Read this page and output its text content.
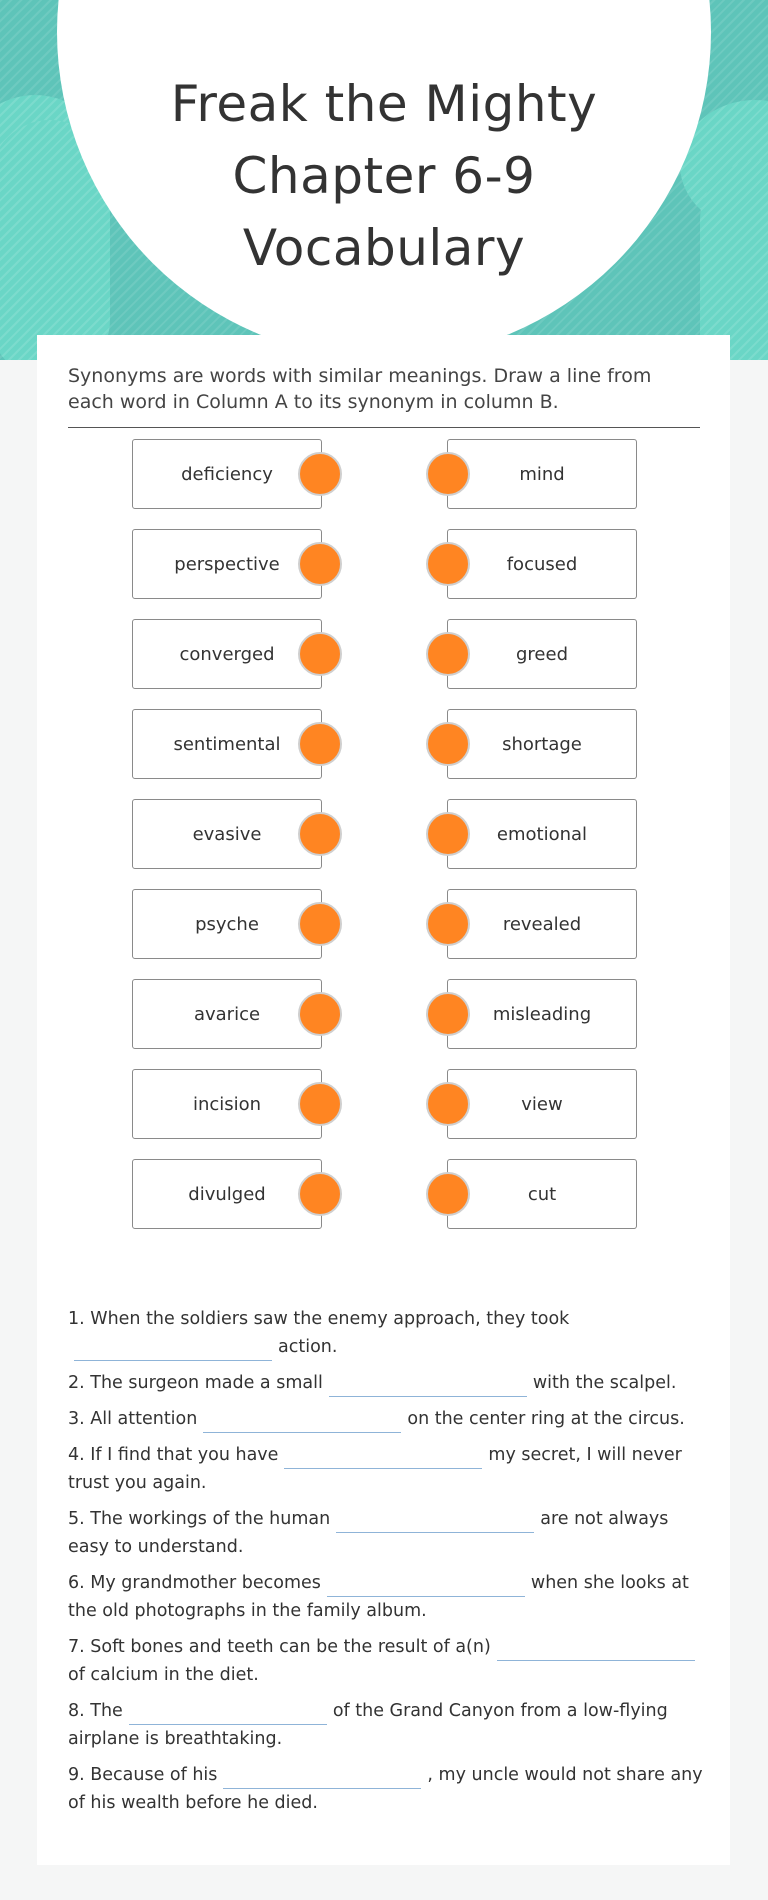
Freak the Mighty
Chapter 6-9
Vocabulary

Synonyms are words with similar meanings. Draw a line from each word in Column A to its synonym in column B.

deficiency
perspective
converged
sentimental
evasive
psyche
avarice
incision
divulged
mind
focused
greed
shortage
emotional
revealed
misleading
view
cut

1. When the soldiers saw the enemy approach, they tookaction.

2. The surgeon made a small	with the scalpel.

3. All attention	on the center ring at the circus.

4. If I find that you have	my secret, I will never trust you again.

5. The workings of the human	are not always easy to understand.

6. My grandmother becomes	when she looks at the old photographs in the family album.

7. Soft bones and teeth can be the result of a(n)of calcium in the diet.

8. The	of the Grand Canyon from a low-flying airplane is breathtaking.

9. Because of his	, my uncle would not share any of his wealth before he died.
